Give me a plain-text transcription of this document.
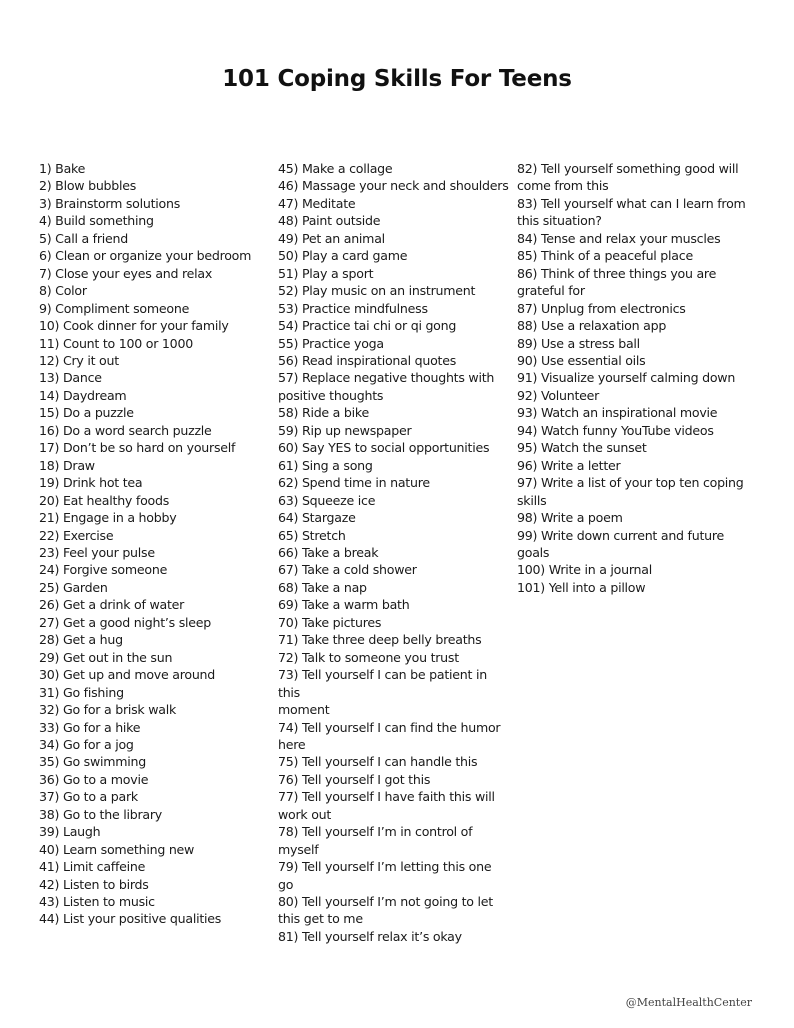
101 Coping Skills For Teens
1) Bake
2) Blow bubbles
3) Brainstorm solutions
4) Build something
5) Call a friend
6) Clean or organize your bedroom
7) Close your eyes and relax
8) Color
9) Compliment someone
10) Cook dinner for your family
11) Count to 100 or 1000
12) Cry it out
13) Dance
14) Daydream
15) Do a puzzle
16) Do a word search puzzle
17) Don’t be so hard on yourself
18) Draw
19) Drink hot tea
20) Eat healthy foods
21) Engage in a hobby
22) Exercise
23) Feel your pulse
24) Forgive someone
25) Garden
26) Get a drink of water
27) Get a good night’s sleep
28) Get a hug
29) Get out in the sun
30) Get up and move around
31) Go fishing
32) Go for a brisk walk
33) Go for a hike
34) Go for a jog
35) Go swimming
36) Go to a movie
37) Go to a park
38) Go to the library
39) Laugh
40) Learn something new
41) Limit caffeine
42) Listen to birds
43) Listen to music
44) List your positive qualities
45) Make a collage
46) Massage your neck and shoulders
47) Meditate
48) Paint outside
49) Pet an animal
50) Play a card game
51) Play a sport
52) Play music on an instrument
53) Practice mindfulness
54) Practice tai chi or qi gong
55) Practice yoga
56) Read inspirational quotes
57) Replace negative thoughts with
positive thoughts
58) Ride a bike
59) Rip up newspaper
60) Say YES to social opportunities
61) Sing a song
62) Spend time in nature
63) Squeeze ice
64) Stargaze
65) Stretch
66) Take a break
67) Take a cold shower
68) Take a nap
69) Take a warm bath
70) Take pictures
71) Take three deep belly breaths
72) Talk to someone you trust
73) Tell yourself I can be patient in this
moment
74) Tell yourself I can find the humor
here
75) Tell yourself I can handle this
76) Tell yourself I got this
77) Tell yourself I have faith this will
work out
78) Tell yourself I’m in control of
myself
79) Tell yourself I’m letting this one go
80) Tell yourself I’m not going to let
this get to me
81) Tell yourself relax it’s okay
82) Tell yourself something good will
come from this
83) Tell yourself what can I learn from
this situation?
84) Tense and relax your muscles
85) Think of a peaceful place
86) Think of three things you are
grateful for
87) Unplug from electronics
88) Use a relaxation app
89) Use a stress ball
90) Use essential oils
91) Visualize yourself calming down
92) Volunteer
93) Watch an inspirational movie
94) Watch funny YouTube videos
95) Watch the sunset
96) Write a letter
97) Write a list of your top ten coping
skills
98) Write a poem
99) Write down current and future goals
100) Write in a journal
101) Yell into a pillow
@MentalHealthCenter
